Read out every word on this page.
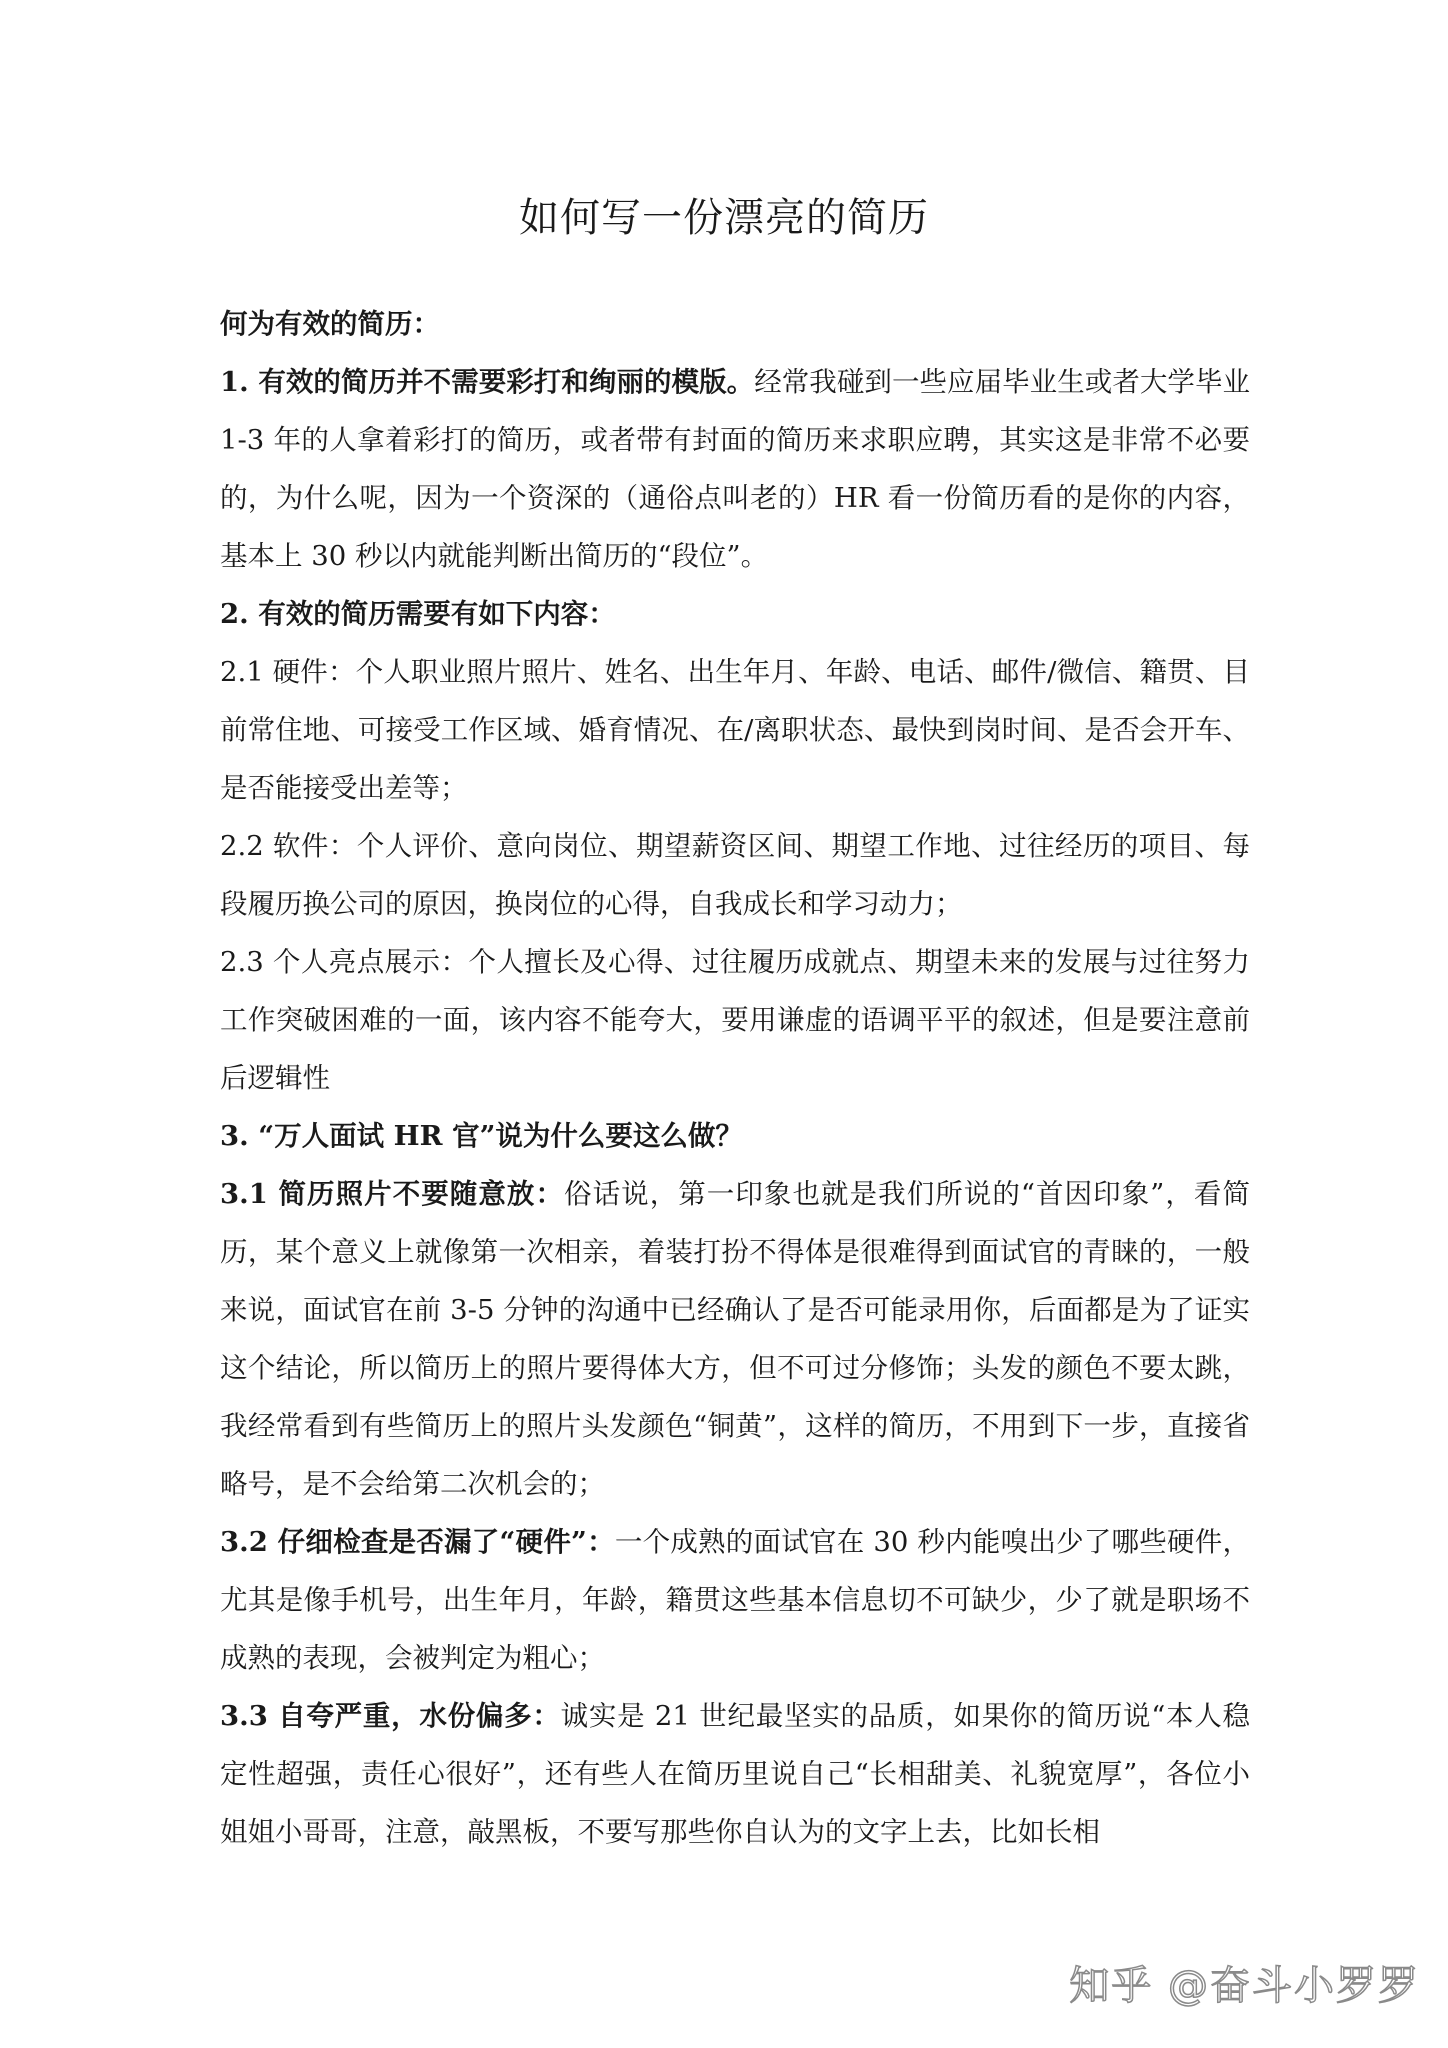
如何写一份漂亮的简历

何为有效的简历：

1. 有效的简历并不需要彩打和绚丽的模版。经常我碰到一些应届毕业生或者大学毕业 1-3 年的人拿着彩打的简历，或者带有封面的简历来求职应聘，其实这是非常不必要的，为什么呢，因为一个资深的（通俗点叫老的）HR 看一份简历看的是你的内容，基本上 30 秒以内就能判断出简历的“段位”。

2. 有效的简历需要有如下内容：

2.1 硬件：个人职业照片照片、姓名、出生年月、年龄、电话、邮件/微信、籍贯、目前常住地、可接受工作区域、婚育情况、在/离职状态、最快到岗时间、是否会开车、是否能接受出差等；

2.2 软件：个人评价、意向岗位、期望薪资区间、期望工作地、过往经历的项目、每段履历换公司的原因，换岗位的心得，自我成长和学习动力；

2.3 个人亮点展示：个人擅长及心得、过往履历成就点、期望未来的发展与过往努力工作突破困难的一面，该内容不能夸大，要用谦虚的语调平平的叙述，但是要注意前后逻辑性

3. “万人面试 HR 官”说为什么要这么做？

3.1 简历照片不要随意放：俗话说，第一印象也就是我们所说的“首因印象”，看简历，某个意义上就像第一次相亲，着装打扮不得体是很难得到面试官的青睐的，一般来说，面试官在前 3-5 分钟的沟通中已经确认了是否可能录用你，后面都是为了证实这个结论，所以简历上的照片要得体大方，但不可过分修饰；头发的颜色不要太跳，我经常看到有些简历上的照片头发颜色“铜黄”，这样的简历，不用到下一步，直接省略号，是不会给第二次机会的；

3.2 仔细检查是否漏了“硬件”：一个成熟的面试官在 30 秒内能嗅出少了哪些硬件，尤其是像手机号，出生年月，年龄，籍贯这些基本信息切不可缺少，少了就是职场不成熟的表现，会被判定为粗心；

3.3 自夸严重，水份偏多：诚实是 21 世纪最坚实的品质，如果你的简历说“本人稳定性超强，责任心很好”，还有些人在简历里说自己“长相甜美、礼貌宽厚”，各位小姐姐小哥哥，注意，敲黑板，不要写那些你自认为的文字上去，比如长相

知乎 @奋斗小罗罗
